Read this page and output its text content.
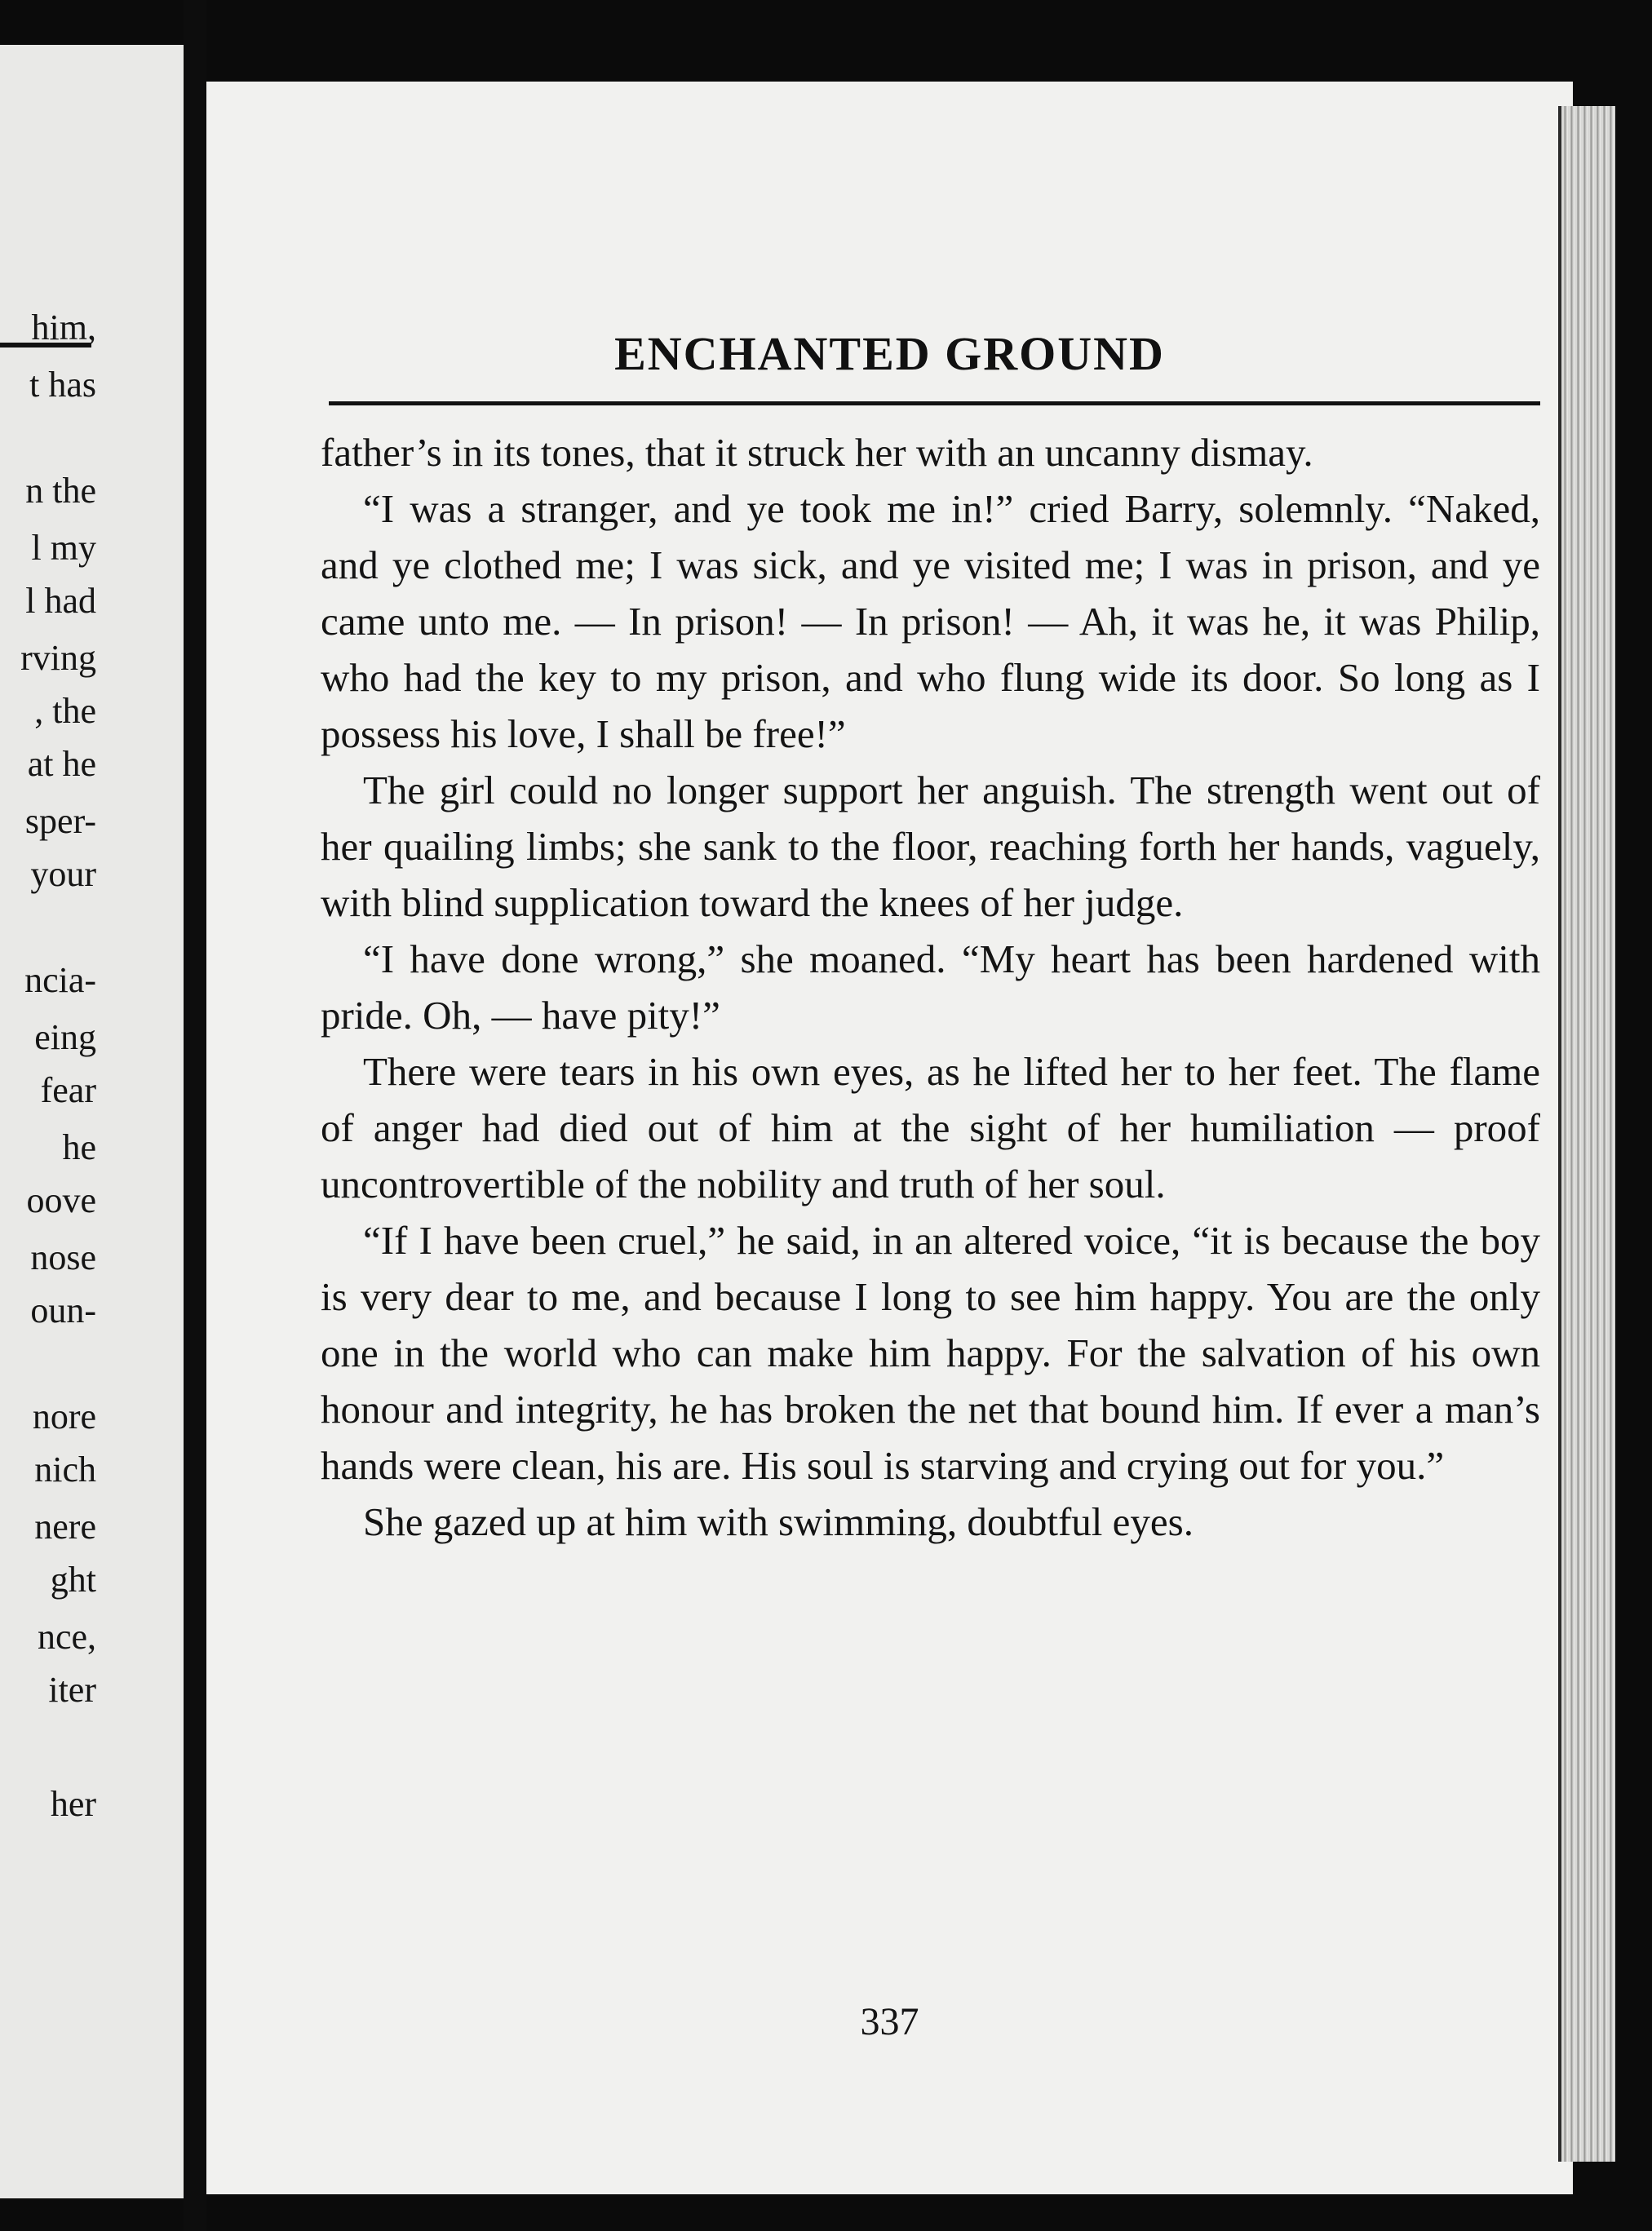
him,
t has
n the
l my
l had
rving
, the
at he
sper-
your
ncia-
eing
fear
he
oove
nose
oun-
nore
nich
nere
ght
nce,
iter
her
ENCHANTED GROUND

father’s in its tones, that it struck her with an uncanny dismay.

“I was a stranger, and ye took me in!” cried Barry, solemnly. “Naked, and ye clothed me; I was sick, and ye visited me; I was in prison, and ye came unto me. — In prison! — In prison! — Ah, it was he, it was Philip, who had the key to my prison, and who flung wide its door. So long as I possess his love, I shall be free!”

The girl could no longer support her anguish. The strength went out of her quailing limbs; she sank to the floor, reaching forth her hands, vaguely, with blind supplication toward the knees of her judge.

“I have done wrong,” she moaned. “My heart has been hardened with pride. Oh, — have pity!”

There were tears in his own eyes, as he lifted her to her feet. The flame of anger had died out of him at the sight of her humiliation — proof uncontrovertible of the nobility and truth of her soul.

“If I have been cruel,” he said, in an altered voice, “it is because the boy is very dear to me, and because I long to see him happy. You are the only one in the world who can make him happy. For the salvation of his own honour and integrity, he has broken the net that bound him. If ever a man’s hands were clean, his are. His soul is starving and crying out for you.”

She gazed up at him with swimming, doubtful eyes.

337
